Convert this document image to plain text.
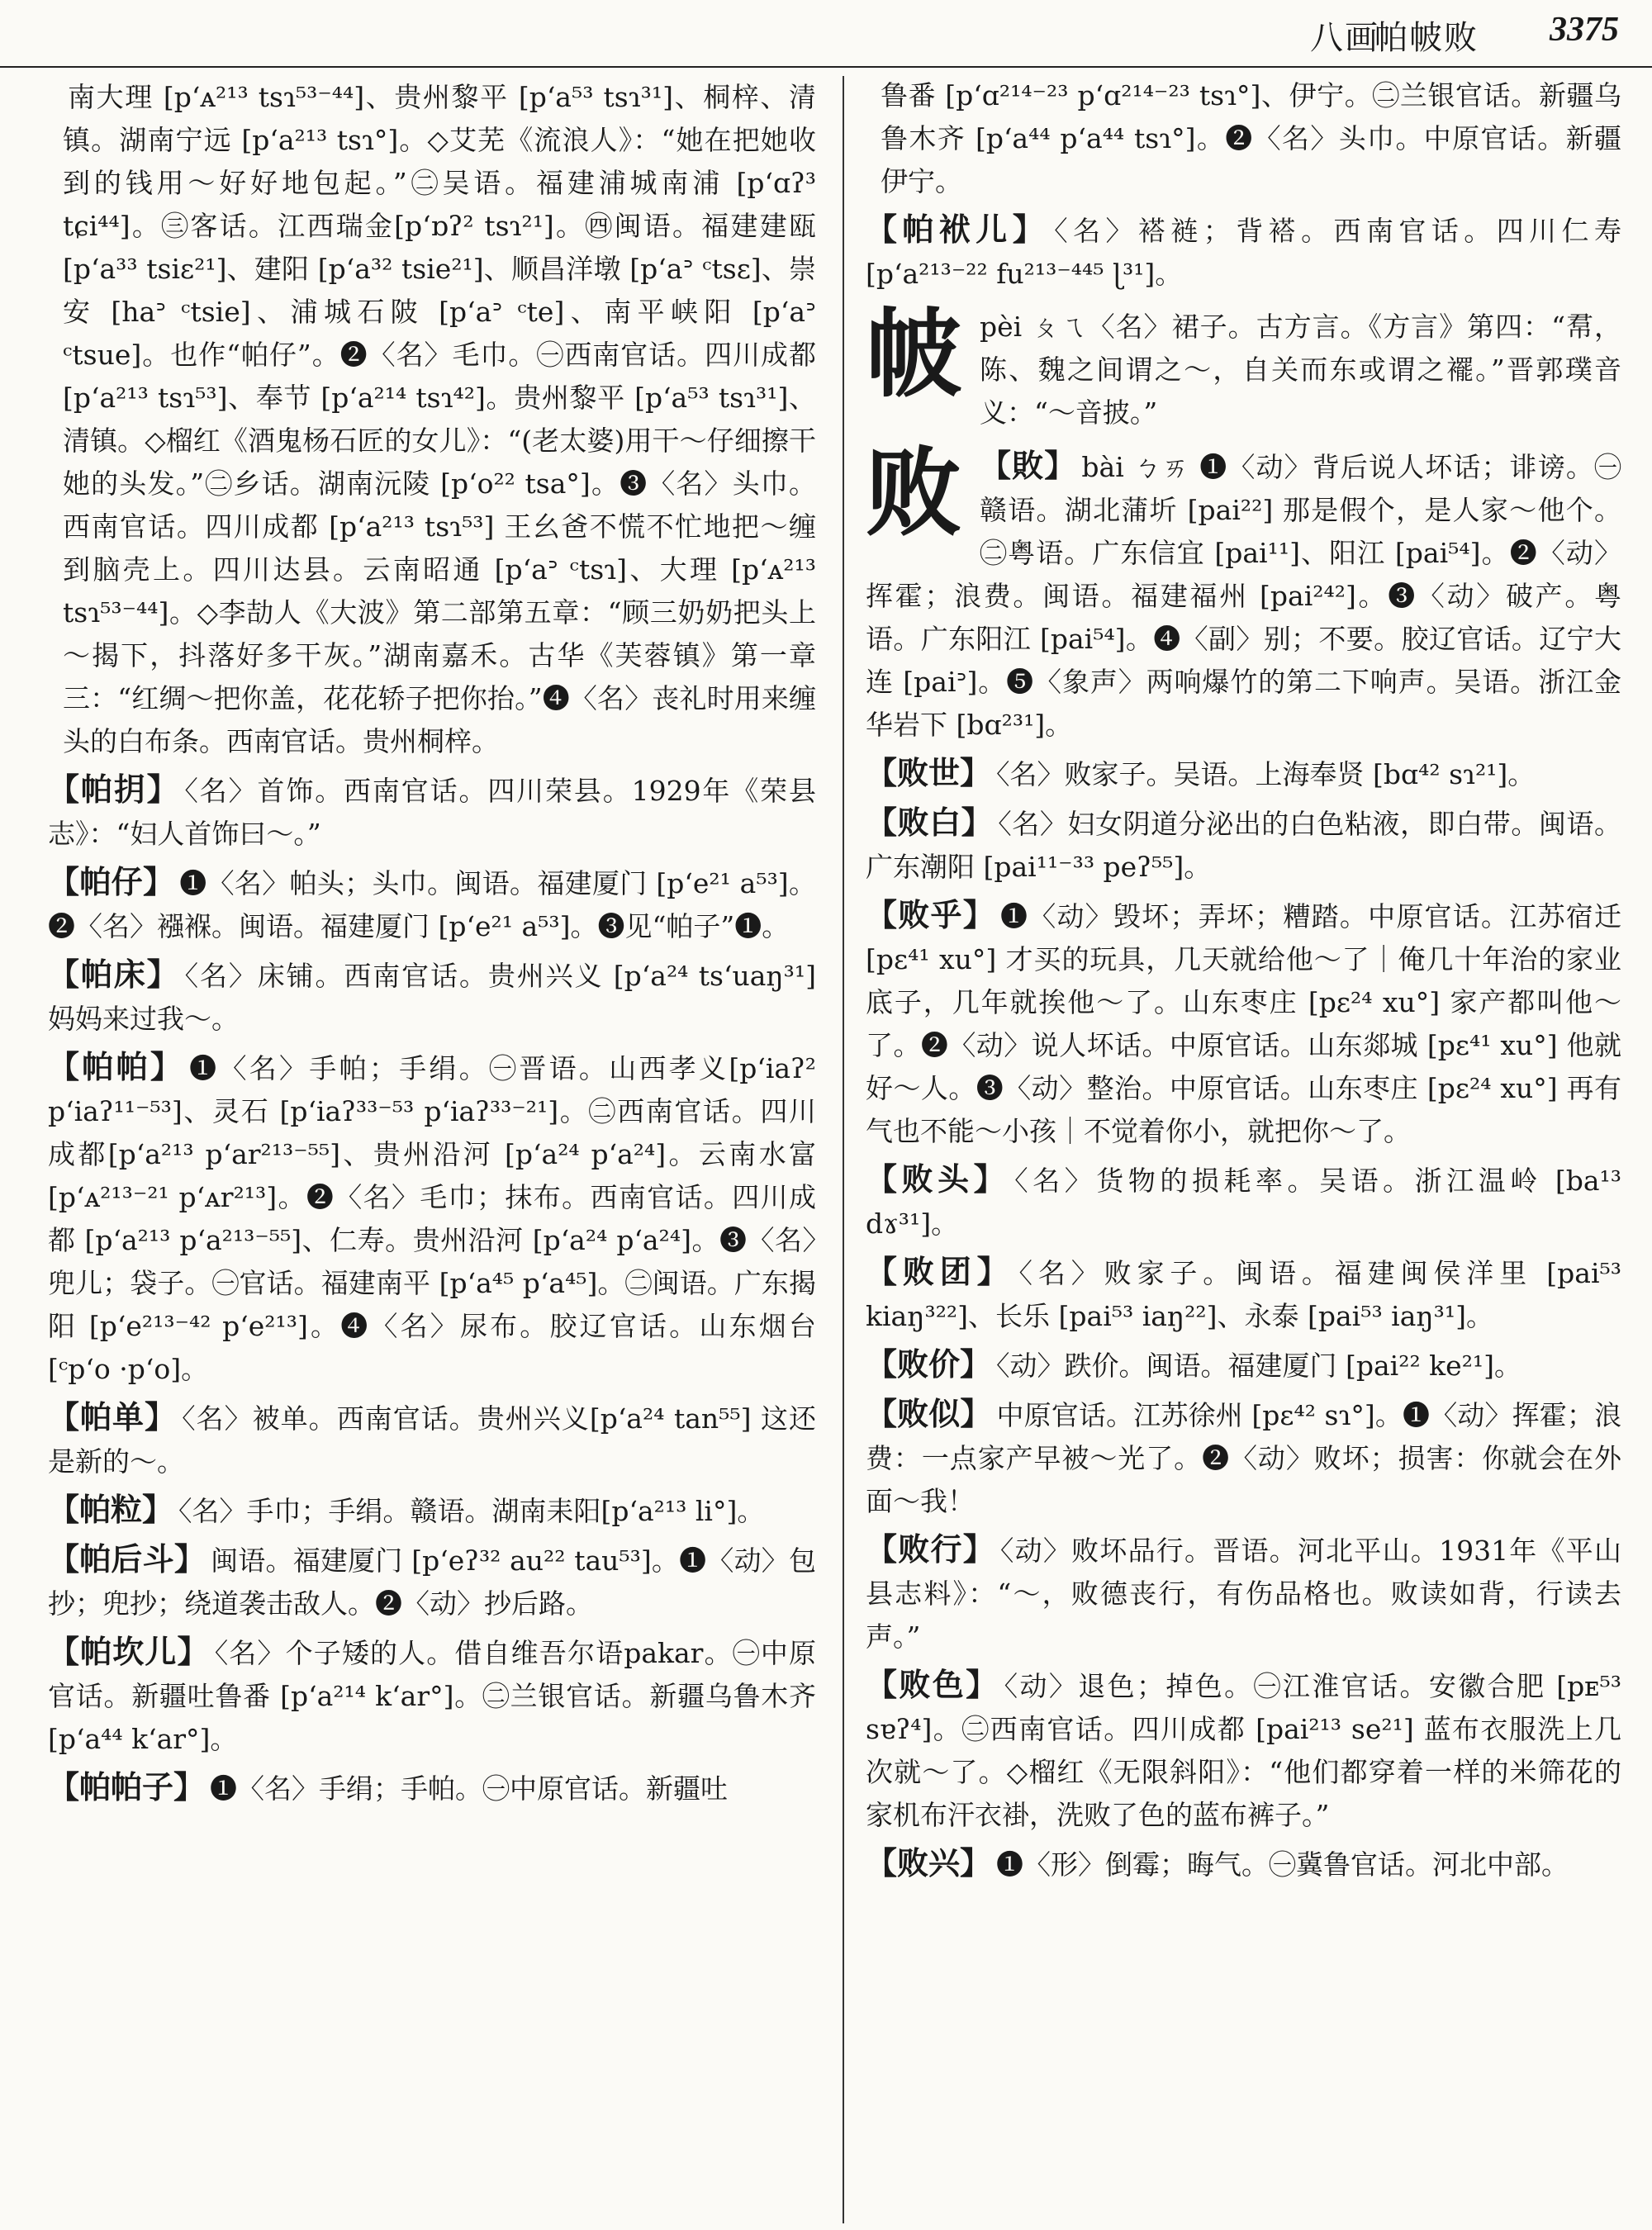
八画
帕帔败 3375

南大理 [pʻᴀ²¹³ tsɿ⁵³⁻⁴⁴]、贵州黎平 [pʻa⁵³ tsɿ³¹]、桐梓、清镇。湖南宁远 [pʻa²¹³ tsɿ°]。◇艾芜《流浪人》：“她在把她收到的钱用～好好地包起。”㊁吴语。福建浦城南浦 [pʻɑʔ³ tɕi⁴⁴]。㊂客话。江西瑞金[pʻɒʔ² tsɿ²¹]。㊃闽语。福建建瓯[pʻa³³ tsiɛ²¹]、建阳 [pʻa³² tsie²¹]、顺昌洋墩 [pʻaᐣ ᶜtsɛ]、崇安 [haᐣ ᶜtsie]、浦城石陂 [pʻaᐣ ᶜte]、南平峡阳 [pʻaᐣ ᶜtsue]。也作“帕仔”。❷〈名〉毛巾。㊀西南官话。四川成都 [pʻa²¹³ tsɿ⁵³]、奉节 [pʻa²¹⁴ tsɿ⁴²]。贵州黎平 [pʻa⁵³ tsɿ³¹]、清镇。◇榴红《酒鬼杨石匠的女儿》：“(老太婆)用干～仔细擦干她的头发。”㊁乡话。湖南沅陵 [pʻo²² tsa°]。❸〈名〉头巾。西南官话。四川成都 [pʻa²¹³ tsɿ⁵³] 王幺爸不慌不忙地把～缠到脑壳上。四川达县。云南昭通 [pʻaᐣ ᶜtsɿ]、大理 [pʻᴀ²¹³ tsɿ⁵³⁻⁴⁴]。◇李劼人《大波》第二部第五章：“顾三奶奶把头上～揭下，抖落好多干灰。”湖南嘉禾。古华《芙蓉镇》第一章三：“红绸～把你盖，花花轿子把你抬。”❹〈名〉丧礼时用来缠头的白布条。西南官话。贵州桐梓。

【帕抈】 〈名〉首饰。西南官话。四川荣县。1929年《荣县志》：“妇人首饰曰～。”

【帕仔】 ❶〈名〉帕头；头巾。闽语。福建厦门 [pʻe²¹ a⁵³]。❷〈名〉襁褓。闽语。福建厦门 [pʻe²¹ a⁵³]。❸见“帕子”❶。

【帕床】 〈名〉床铺。西南官话。贵州兴义 [pʻa²⁴ tsʻuaŋ³¹] 妈妈来过我～。

【帕帕】 ❶〈名〉手帕；手绢。㊀晋语。山西孝义[pʻiaʔ² pʻiaʔ¹¹⁻⁵³]、灵石 [pʻiaʔ³³⁻⁵³ pʻiaʔ³³⁻²¹]。㊁西南官话。四川成都[pʻa²¹³ pʻar²¹³⁻⁵⁵]、贵州沿河 [pʻa²⁴ pʻa²⁴]。云南水富 [pʻᴀ²¹³⁻²¹ pʻᴀr²¹³]。❷〈名〉毛巾；抹布。西南官话。四川成都 [pʻa²¹³ pʻa²¹³⁻⁵⁵]、仁寿。贵州沿河 [pʻa²⁴ pʻa²⁴]。❸〈名〉兜儿；袋子。㊀官话。福建南平 [pʻa⁴⁵ pʻa⁴⁵]。㊁闽语。广东揭阳 [pʻe²¹³⁻⁴² pʻe²¹³]。❹〈名〉尿布。胶辽官话。山东烟台 [ᶜpʻo ·pʻo]。

【帕单】 〈名〉被单。西南官话。贵州兴义[pʻa²⁴ tan⁵⁵] 这还是新的～。

【帕粒】 〈名〉手巾；手绢。赣语。湖南耒阳[pʻa²¹³ li°]。

【帕后斗】 闽语。福建厦门 [pʻeʔ³² au²² tau⁵³]。❶〈动〉包抄；兜抄；绕道袭击敌人。❷〈动〉抄后路。

【帕坎儿】 〈名〉个子矮的人。借自维吾尔语pakar。㊀中原官话。新疆吐鲁番 [pʻa²¹⁴ kʻar°]。㊁兰银官话。新疆乌鲁木齐 [pʻa⁴⁴ kʻar°]。

【帕帕子】 ❶〈名〉手绢；手帕。㊀中原官话。新疆吐

鲁番 [pʻɑ²¹⁴⁻²³ pʻɑ²¹⁴⁻²³ tsɿ°]、伊宁。㊁兰银官话。新疆乌鲁木齐 [pʻa⁴⁴ pʻa⁴⁴ tsɿ°]。❷〈名〉头巾。中原官话。新疆伊宁。

【帕袱儿】 〈名〉褡裢；背褡。西南官话。四川仁寿 [pʻa²¹³⁻²² fu²¹³⁻⁴⁴⁵ ɭ³¹]。

帔pèi ㄆㄟ〈名〉裙子。古方言。《方言》第四：“帬，陈、魏之间谓之～，自关而东或谓之襬。”晋郭璞音义：“～音披。”

败 【敗】 bài ㄅㄞ ❶〈动〉背后说人坏话；诽谤。㊀赣语。湖北蒲圻 [pai²²] 那是假个，是人家～他个。㊁粤语。广东信宜 [pai¹¹]、阳江 [pai⁵⁴]。❷〈动〉挥霍；浪费。闽语。福建福州 [pai²⁴²]。❸〈动〉破产。粤语。广东阳江 [pai⁵⁴]。❹〈副〉别；不要。胶辽官话。辽宁大连 [paiᐣ]。❺〈象声〉两响爆竹的第二下响声。吴语。浙江金华岩下 [bɑ²³¹]。

【败世】 〈名〉败家子。吴语。上海奉贤 [bɑ⁴² sɿ²¹]。

【败白】 〈名〉妇女阴道分泌出的白色粘液，即白带。闽语。广东潮阳 [pai¹¹⁻³³ peʔ⁵⁵]。

【败乎】 ❶〈动〉毁坏；弄坏；糟踏。中原官话。江苏宿迁 [pɛ⁴¹ xu°] 才买的玩具，几天就给他～了｜俺几十年治的家业底子，几年就挨他～了。山东枣庄 [pɛ²⁴ xu°] 家产都叫他～了。❷〈动〉说人坏话。中原官话。山东郯城 [pɛ⁴¹ xu°] 他就好～人。❸〈动〉整治。中原官话。山东枣庄 [pɛ²⁴ xu°] 再有气也不能～小孩｜不觉着你小，就把你～了。

【败头】 〈名〉货物的损耗率。吴语。浙江温岭 [ba¹³ dɤ³¹]。

【败团】 〈名〉败家子。闽语。福建闽侯洋里 [pai⁵³ kiaŋ³²²]、长乐 [pai⁵³ iaŋ²²]、永泰 [pai⁵³ iaŋ³¹]。

【败价】 〈动〉跌价。闽语。福建厦门 [pai²² ke²¹]。

【败似】 中原官话。江苏徐州 [pɛ⁴² sɿ°]。❶〈动〉挥霍；浪费：一点家产早被～光了。❷〈动〉败坏；损害：你就会在外面～我！

【败行】 〈动〉败坏品行。晋语。河北平山。1931年《平山县志料》：“～，败德丧行，有伤品格也。败读如背，行读去声。”

【败色】 〈动〉退色；掉色。㊀江淮官话。安徽合肥 [pᴇ⁵³ sɐʔ⁴]。㊁西南官话。四川成都 [pai²¹³ se²¹] 蓝布衣服洗上几次就～了。◇榴红《无限斜阳》：“他们都穿着一样的米筛花的家机布汗衣褂，洗败了色的蓝布裤子。”

【败兴】 ❶〈形〉倒霉；晦气。㊀冀鲁官话。河北中部。
